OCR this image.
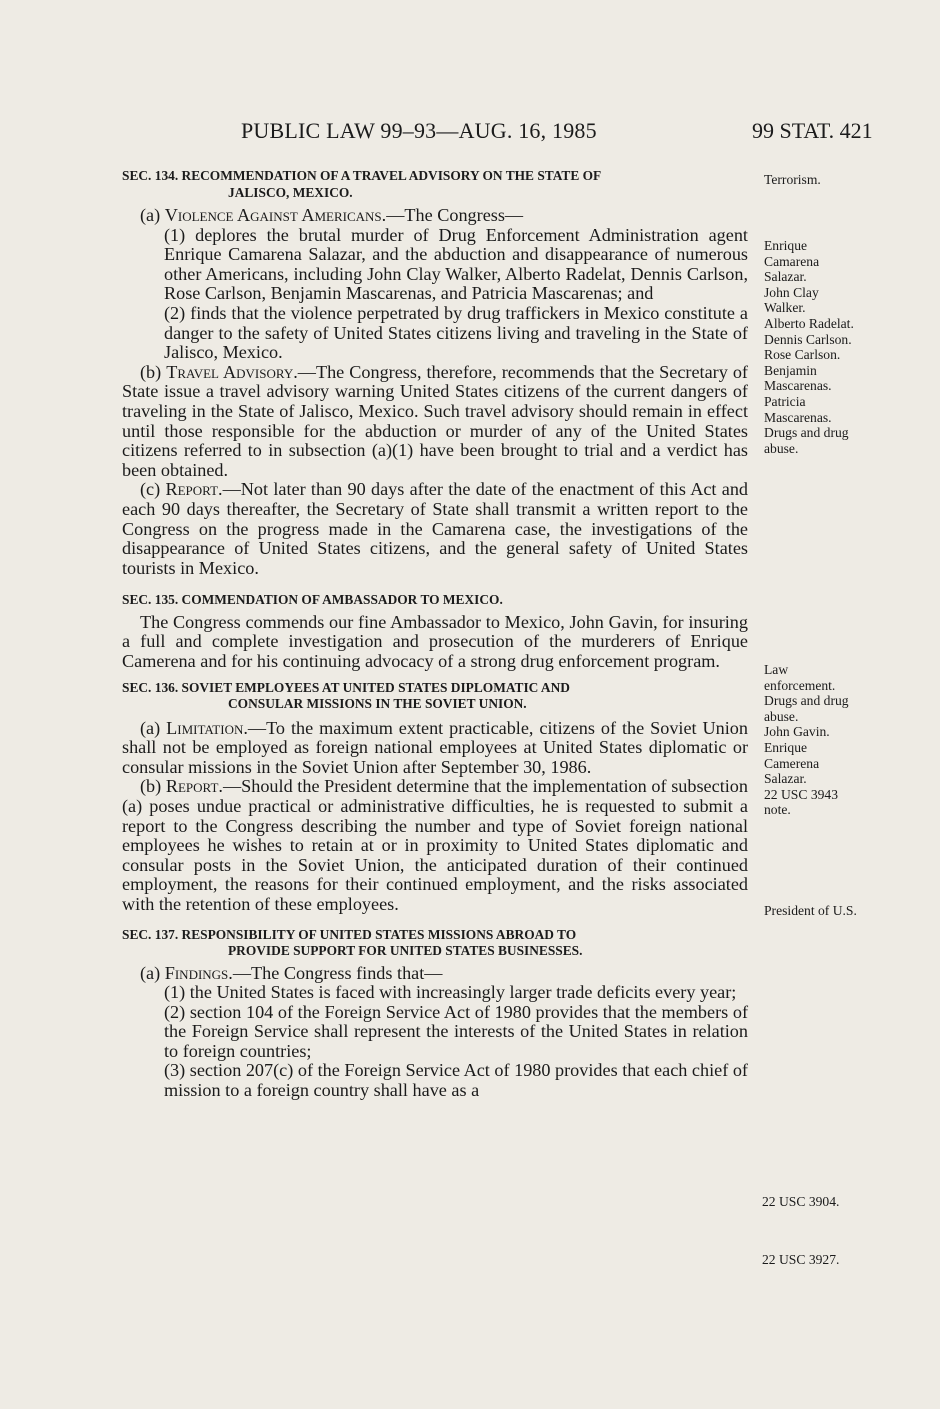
PUBLIC LAW 99–93—AUG. 16, 1985	99 STAT. 421
SEC. 134. RECOMMENDATION OF A TRAVEL ADVISORY ON THE STATE OF
JALISCO, MEXICO.

(a) Violence Against Americans.—The Congress—

(1) deplores the brutal murder of Drug Enforcement Administration agent Enrique Camarena Salazar, and the abduction and disappearance of numerous other Americans, including John Clay Walker, Alberto Radelat, Dennis Carlson, Rose Carlson, Benjamin Mascarenas, and Patricia Mascarenas; and

(2) finds that the violence perpetrated by drug traffickers in Mexico constitute a danger to the safety of United States citizens living and traveling in the State of Jalisco, Mexico.

(b) Travel Advisory.—The Congress, therefore, recommends that the Secretary of State issue a travel advisory warning United States citizens of the current dangers of traveling in the State of Jalisco, Mexico. Such travel advisory should remain in effect until those responsible for the abduction or murder of any of the United States citizens referred to in subsection (a)(1) have been brought to trial and a verdict has been obtained.

(c) Report.—Not later than 90 days after the date of the enactment of this Act and each 90 days thereafter, the Secretary of State shall transmit a written report to the Congress on the progress made in the Camarena case, the investigations of the disappearance of United States citizens, and the general safety of United States tourists in Mexico.

SEC. 135. COMMENDATION OF AMBASSADOR TO MEXICO.

The Congress commends our fine Ambassador to Mexico, John Gavin, for insuring a full and complete investigation and prosecution of the murderers of Enrique Camerena and for his continuing advocacy of a strong drug enforcement program.

SEC. 136. SOVIET EMPLOYEES AT UNITED STATES DIPLOMATIC AND
CONSULAR MISSIONS IN THE SOVIET UNION.

(a) Limitation.—To the maximum extent practicable, citizens of the Soviet Union shall not be employed as foreign national employees at United States diplomatic or consular missions in the Soviet Union after September 30, 1986.

(b) Report.—Should the President determine that the implementation of subsection (a) poses undue practical or administrative difficulties, he is requested to submit a report to the Congress describing the number and type of Soviet foreign national employees he wishes to retain at or in proximity to United States diplomatic and consular posts in the Soviet Union, the anticipated duration of their continued employment, the reasons for their continued employment, and the risks associated with the retention of these employees.

SEC. 137. RESPONSIBILITY OF UNITED STATES MISSIONS ABROAD TO
PROVIDE SUPPORT FOR UNITED STATES BUSINESSES.

(a) Findings.—The Congress finds that—

(1) the United States is faced with increasingly larger trade deficits every year;

(2) section 104 of the Foreign Service Act of 1980 provides that the members of the Foreign Service shall represent the interests of the United States in relation to foreign countries;

(3) section 207(c) of the Foreign Service Act of 1980 provides that each chief of mission to a foreign country shall have as a

Terrorism.
Enrique
Camarena
Salazar.
John Clay
Walker.
Alberto Radelat.
Dennis Carlson.
Rose Carlson.
Benjamin
Mascarenas.
Patricia
Mascarenas.
Drugs and drug
abuse.
Law
enforcement.
Drugs and drug
abuse.
John Gavin.
Enrique
Camerena
Salazar.
22 USC 3943
note.
President of U.S.
22 USC 3904.
22 USC 3927.
